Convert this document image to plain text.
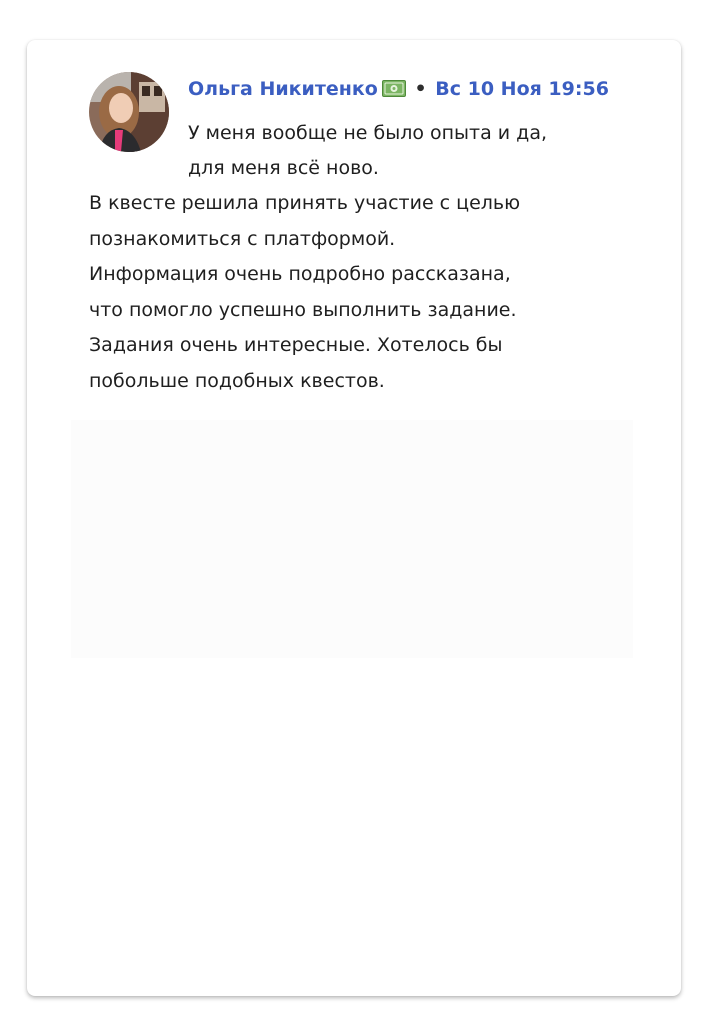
Ольга Никитенко • Вс 10 Ноя 19:56
У меня вообще не было опыта и да,
для меня всё ново.
В квесте решила принять участие с целью
познакомиться с платформой.
Информация очень подробно рассказана,
что помогло успешно выполнить задание.
Задания очень интересные. Хотелось бы
побольше подобных квестов.
